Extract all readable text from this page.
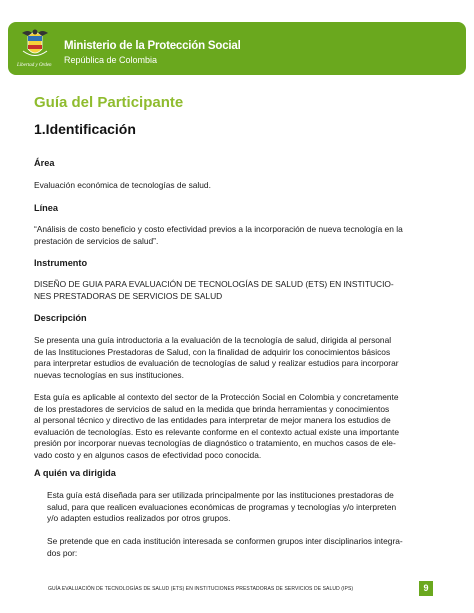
Libertad y Orden
Ministerio de la Protección Social
República de Colombia
Guía del Participante
1.Identificación
Área
Evaluación económica de tecnologías de salud.
Línea
“Análisis de costo beneficio y costo efectividad previos a la incorporación de nueva tecnología en la
prestación de servicios de salud”.
Instrumento
DISEÑO DE GUIA PARA EVALUACIÓN DE TECNOLOGÍAS DE SALUD (ETS) EN INSTITUCIO-
NES PRESTADORAS DE SERVICIOS DE SALUD
Descripción
Se presenta una guía introductoria a la evaluación de la tecnología de salud, dirigida al personal
de las Instituciones Prestadoras de Salud, con la finalidad de adquirir los conocimientos básicos
para interpretar estudios de evaluación de tecnologías de salud y realizar estudios para incorporar
nuevas tecnologías en sus instituciones.
Esta guía es aplicable al contexto del sector de la Protección Social en Colombia y concretamente
de los prestadores de servicios de salud en la medida que brinda herramientas y conocimientos
al personal técnico y directivo de las entidades para interpretar de mejor manera los estudios de
evaluación de tecnologías. Esto es relevante conforme en el contexto actual existe una importante
presión por incorporar nuevas tecnologías de diagnóstico o tratamiento, en muchos casos de ele-
vado costo y en algunos casos de efectividad poco conocida.
A quién va dirigida
Esta guía está diseñada para ser utilizada principalmente por las instituciones prestadoras de
salud, para que realicen evaluaciones económicas de programas y tecnologías y/o interpreten
y/o adapten estudios realizados por otros grupos.
Se pretende que en cada institución interesada se conformen grupos inter disciplinarios integra-
dos por:
GUÍA EVALUACIÓN DE TECNOLOGÍAS DE SALUD (ETS) EN INSTITUCIONES PRESTADORAS DE SERVICIOS DE SALUD (IPS)	9
